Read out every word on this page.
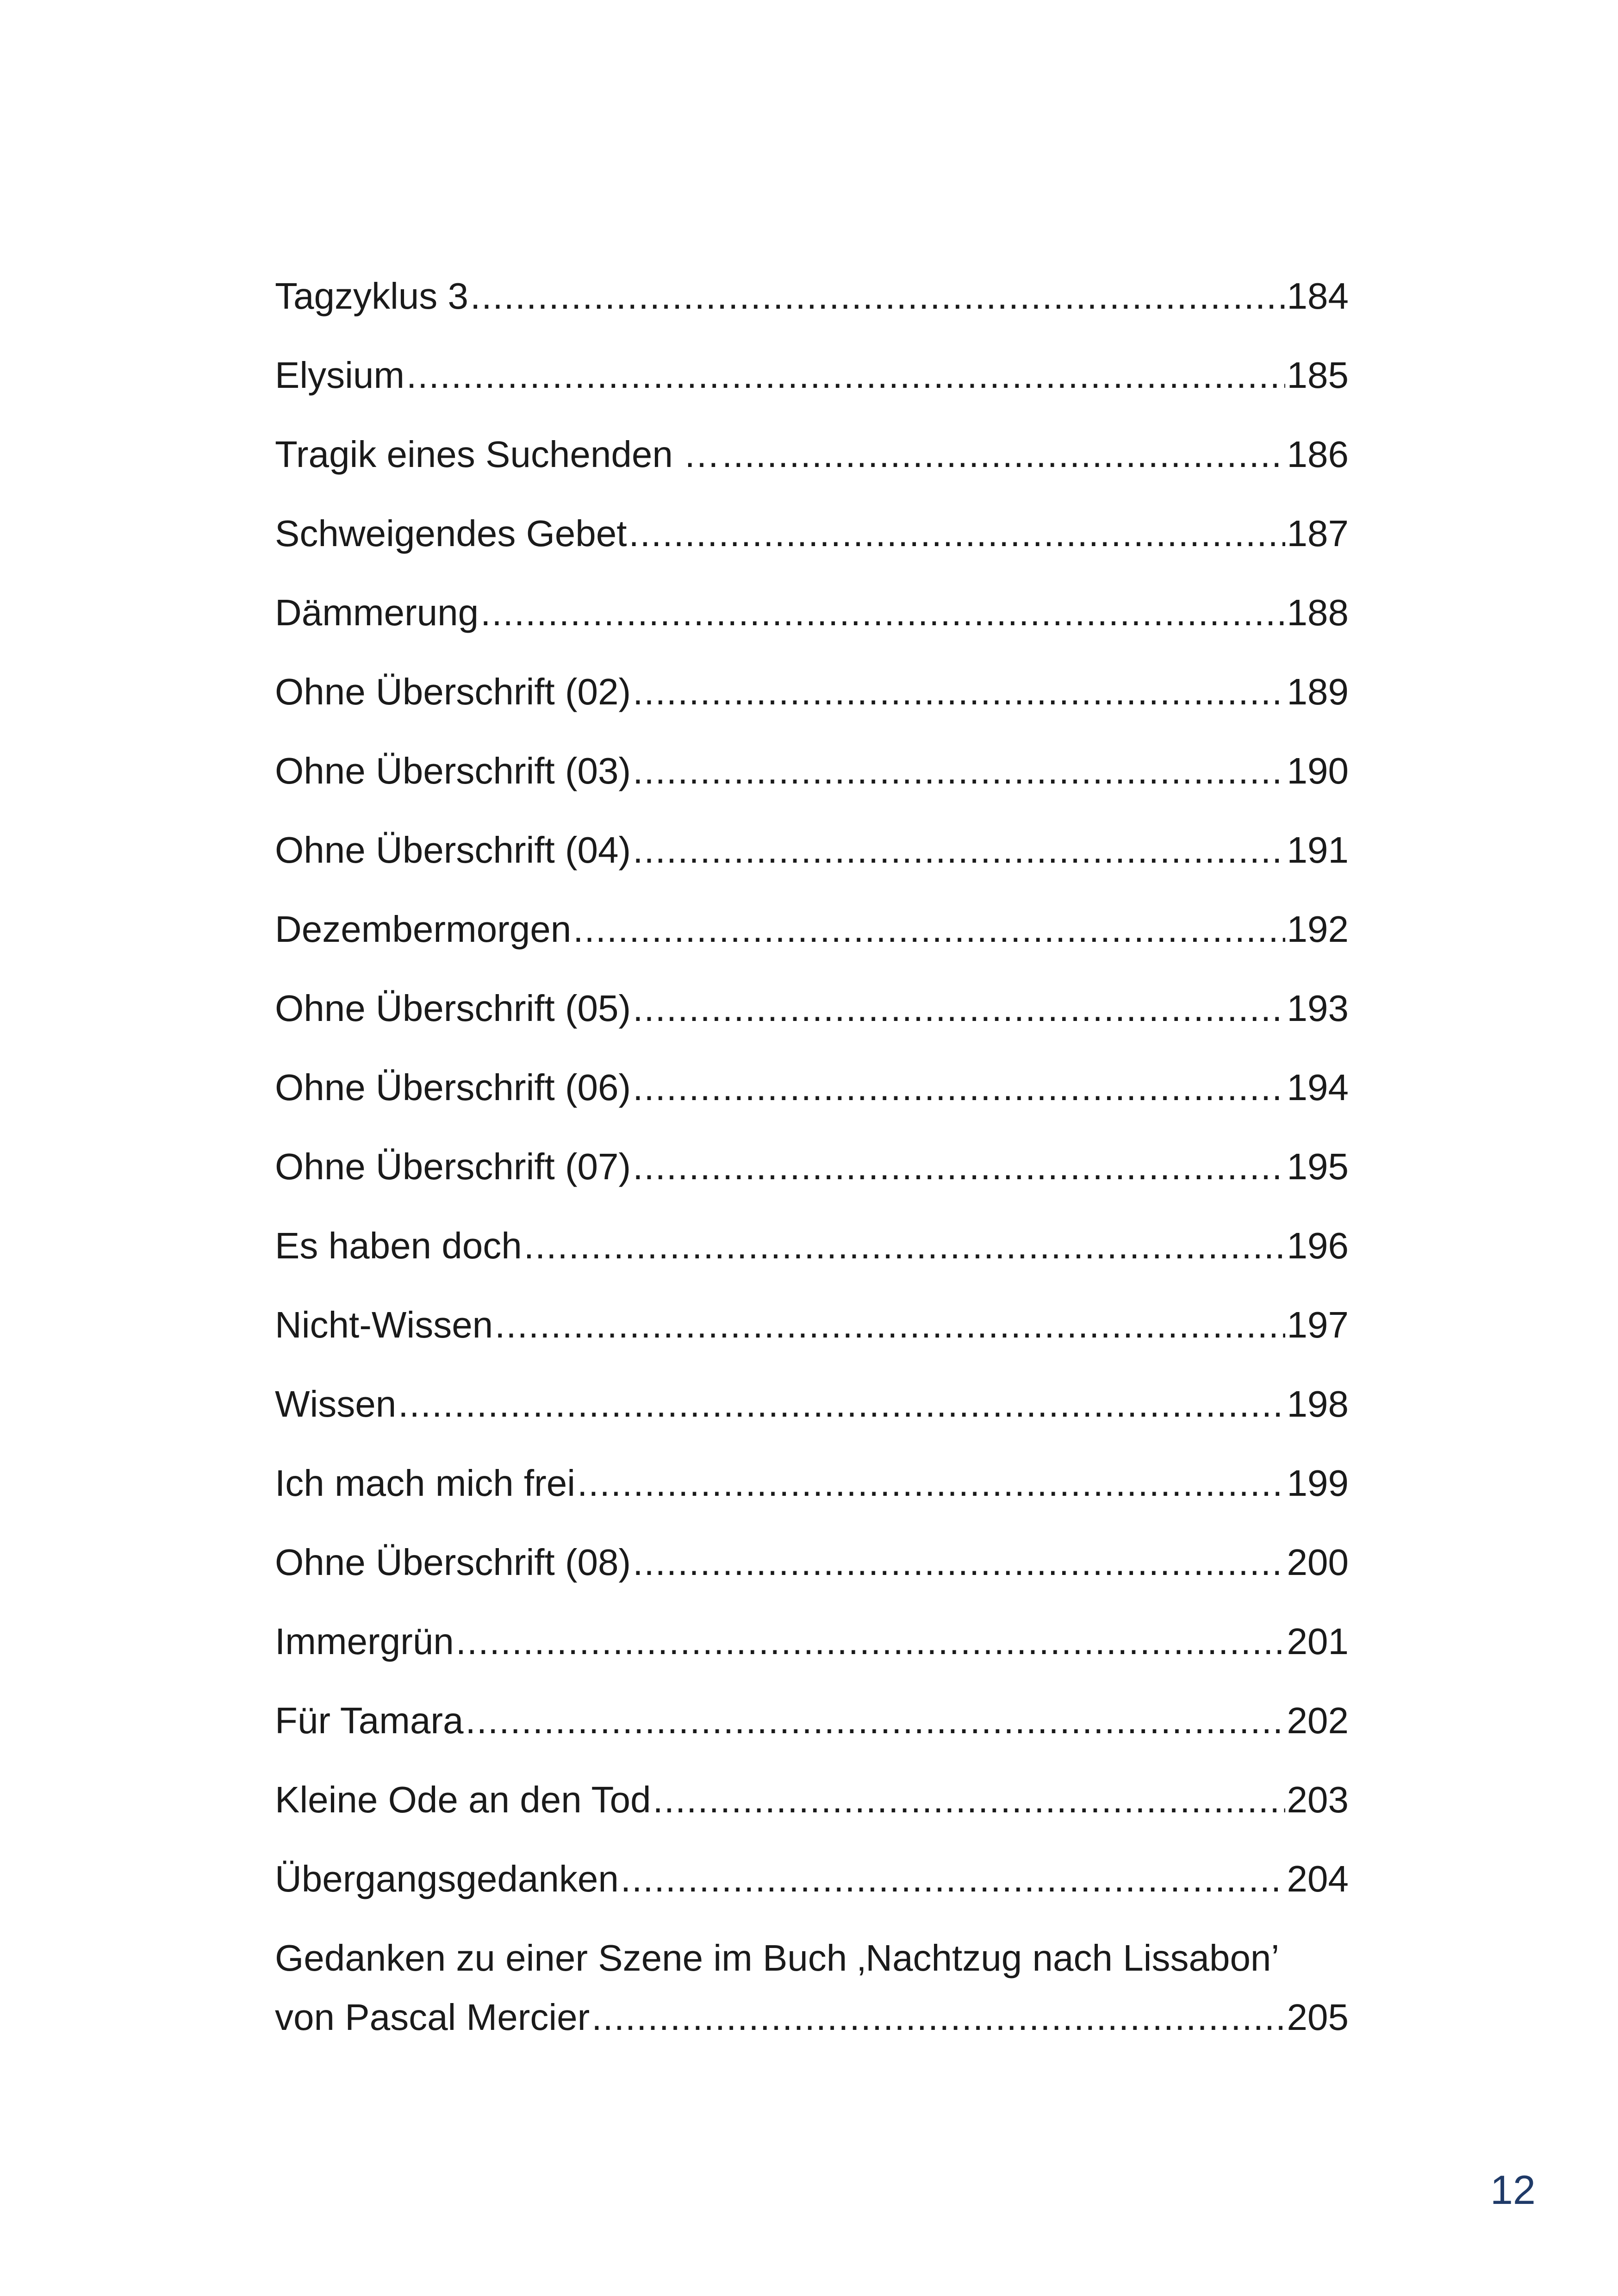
Tagzyklus 3 .....	184
Elysium .....	185
Tragik eines Suchenden … .....	186
Schweigendes Gebet .....	187
Dämmerung .....	188
Ohne Überschrift (02) .....	189
Ohne Überschrift (03) .....	190
Ohne Überschrift (04) .....	191
Dezembermorgen .....	192
Ohne Überschrift (05) .....	193
Ohne Überschrift (06) .....	194
Ohne Überschrift (07) .....	195
Es haben doch .....	196
Nicht-Wissen .....	197
Wissen .....	198
Ich mach mich frei .....	199
Ohne Überschrift (08) .....	200
Immergrün .....	201
Für Tamara .....	202
Kleine Ode an den Tod .....	203
Übergangsgedanken .....	204
Gedanken zu einer Szene im Buch ‚Nachtzug nach Lissabon’
von Pascal Mercier .....	205
12
